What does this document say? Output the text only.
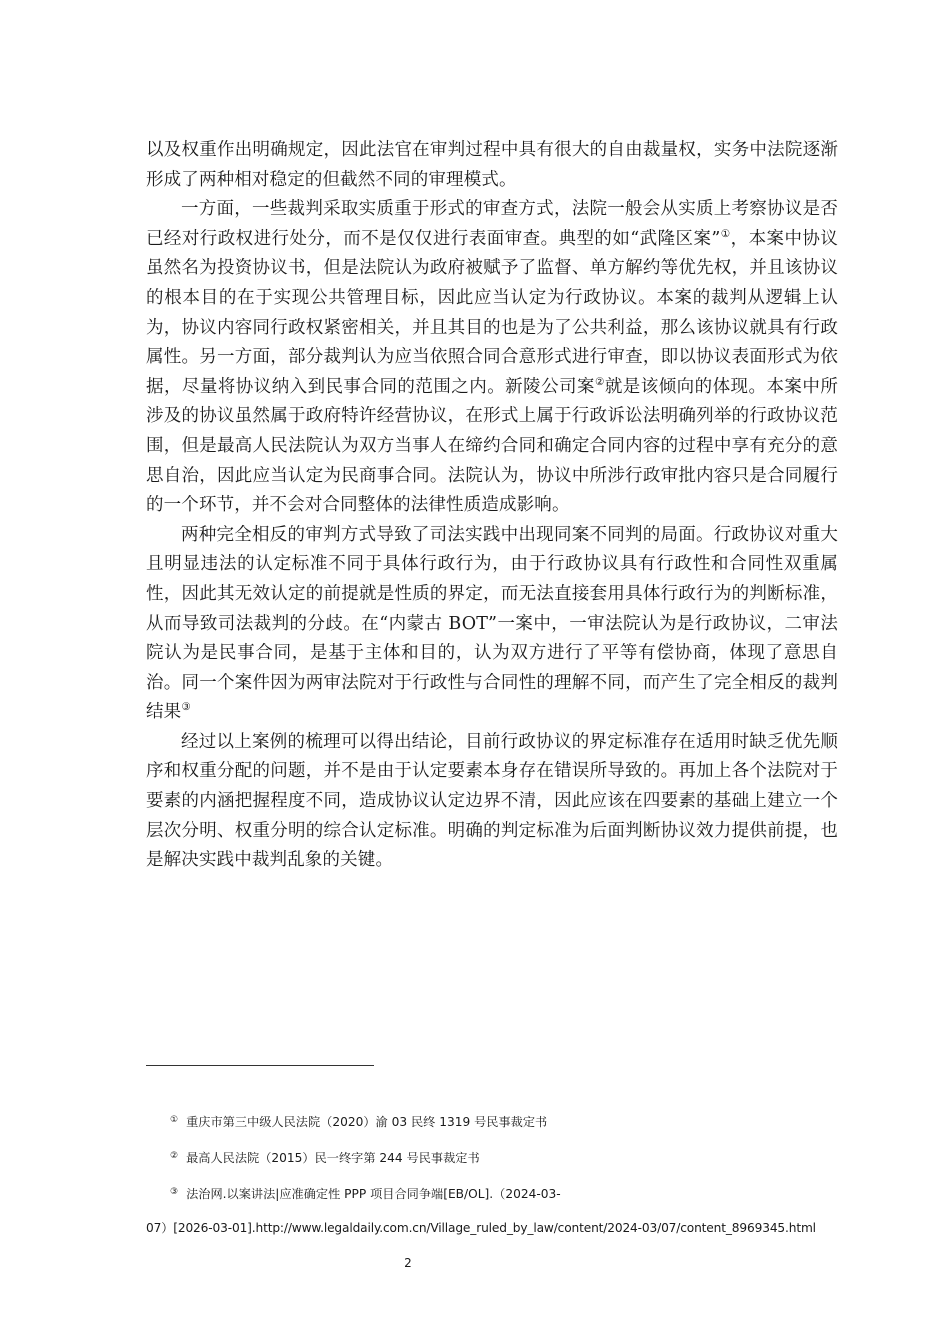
以及权重作出明确规定，因此法官在审判过程中具有很大的自由裁量权，实务中法院逐渐形成了两种相对稳定的但截然不同的审理模式。

一方面，一些裁判采取实质重于形式的审查方式，法院一般会从实质上考察协议是否已经对行政权进行处分，而不是仅仅进行表面审查。典型的如“武隆区案”①，本案中协议虽然名为投资协议书，但是法院认为政府被赋予了监督、单方解约等优先权，并且该协议的根本目的在于实现公共管理目标，因此应当认定为行政协议。本案的裁判从逻辑上认为，协议内容同行政权紧密相关，并且其目的也是为了公共利益，那么该协议就具有行政属性。另一方面，部分裁判认为应当依照合同合意形式进行审查，即以协议表面形式为依据，尽量将协议纳入到民事合同的范围之内。新陵公司案②就是该倾向的体现。本案中所涉及的协议虽然属于政府特许经营协议，在形式上属于行政诉讼法明确列举的行政协议范围，但是最高人民法院认为双方当事人在缔约合同和确定合同内容的过程中享有充分的意思自治，因此应当认定为民商事合同。法院认为，协议中所涉行政审批内容只是合同履行的一个环节，并不会对合同整体的法律性质造成影响。

两种完全相反的审判方式导致了司法实践中出现同案不同判的局面。行政协议对重大且明显违法的认定标准不同于具体行政行为，由于行政协议具有行政性和合同性双重属性，因此其无效认定的前提就是性质的界定，而无法直接套用具体行政行为的判断标准，从而导致司法裁判的分歧。在“内蒙古 BOT”一案中，一审法院认为是行政协议，二审法院认为是民事合同，是基于主体和目的，认为双方进行了平等有偿协商，体现了意思自治。同一个案件因为两审法院对于行政性与合同性的理解不同，而产生了完全相反的裁判结果③

经过以上案例的梳理可以得出结论，目前行政协议的界定标准存在适用时缺乏优先顺序和权重分配的问题，并不是由于认定要素本身存在错误所导致的。再加上各个法院对于要素的内涵把握程度不同，造成协议认定边界不清，因此应该在四要素的基础上建立一个层次分明、权重分明的综合认定标准。明确的判定标准为后面判断协议效力提供前提，也是解决实践中裁判乱象的关键。

① 重庆市第三中级人民法院（2020）渝 03 民终 1319 号民事裁定书

② 最高人民法院（2015）民一终字第 244 号民事裁定书

③ 法治网.以案讲法|应准确定性 PPP 项目合同争端[EB/OL].（2024-03-

07）[2026-03-01].http://www.legaldaily.com.cn/Village_ruled_by_law/content/2024-03/07/content_8969345.html

2
